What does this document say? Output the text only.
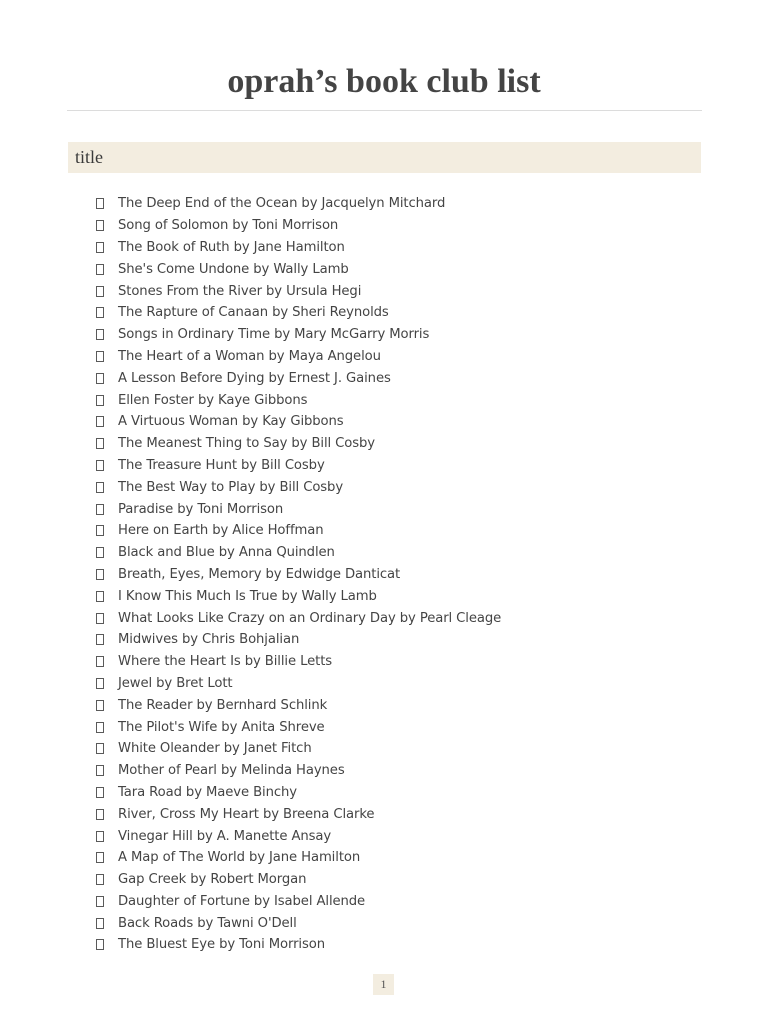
oprah’s book club list
title
The Deep End of the Ocean by Jacquelyn Mitchard
Song of Solomon by Toni Morrison
The Book of Ruth by Jane Hamilton
She's Come Undone by Wally Lamb
Stones From the River by Ursula Hegi
The Rapture of Canaan by Sheri Reynolds
Songs in Ordinary Time by Mary McGarry Morris
The Heart of a Woman by Maya Angelou
A Lesson Before Dying by Ernest J. Gaines
Ellen Foster by Kaye Gibbons
A Virtuous Woman by Kay Gibbons
The Meanest Thing to Say by Bill Cosby
The Treasure Hunt by Bill Cosby
The Best Way to Play by Bill Cosby
Paradise by Toni Morrison
Here on Earth by Alice Hoffman
Black and Blue by Anna Quindlen
Breath, Eyes, Memory by Edwidge Danticat
I Know This Much Is True by Wally Lamb
What Looks Like Crazy on an Ordinary Day by Pearl Cleage
Midwives by Chris Bohjalian
Where the Heart Is by Billie Letts
Jewel by Bret Lott
The Reader by Bernhard Schlink
The Pilot's Wife by Anita Shreve
White Oleander by Janet Fitch
Mother of Pearl by Melinda Haynes
Tara Road by Maeve Binchy
River, Cross My Heart by Breena Clarke
Vinegar Hill by A. Manette Ansay
A Map of The World by Jane Hamilton
Gap Creek by Robert Morgan
Daughter of Fortune by Isabel Allende
Back Roads by Tawni O'Dell
The Bluest Eye by Toni Morrison
1
